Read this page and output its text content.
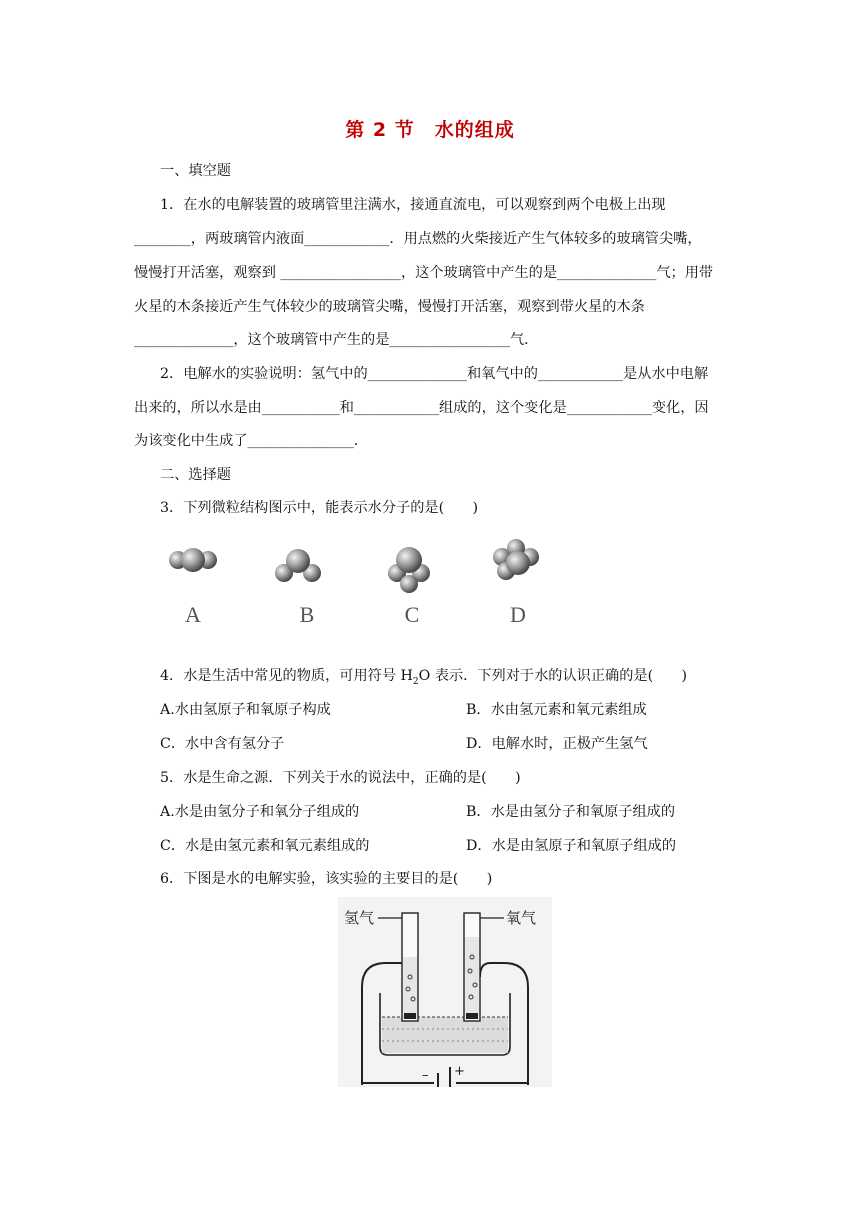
第 2 节　水的组成
一、填空题
1．在水的电解装置的玻璃管里注满水，接通直流电，可以观察到两个电极上出现
________，两玻璃管内液面____________．用点燃的火柴接近产生气体较多的玻璃管尖嘴，
慢慢打开活塞，观察到 _________________，这个玻璃管中产生的是______________气；用带
火星的木条接近产生气体较少的玻璃管尖嘴，慢慢打开活塞，观察到带火星的木条
______________，这个玻璃管中产生的是_________________气．
2．电解水的实验说明：氢气中的______________和氧气中的____________是从水中电解
出来的，所以水是由___________和____________组成的，这个变化是____________变化，因
为该变化中生成了_______________．
二、选择题
3．下列微粒结构图示中，能表示水分子的是(　　)
A	B	C	D
4．水是生活中常见的物质，可用符号 $H_2O$ 表示．下列对于水的认识正确的是(　　)
A.水由氢原子和氧原子构成	B．水由氢元素和氧元素组成
C．水中含有氢分子	D．电解水时，正极产生氢气
5．水是生命之源．下列关于水的说法中，正确的是(　　)
A.水是由氢分子和氧分子组成的	B．水是由氢分子和氧原子组成的
C．水是由氢元素和氧元素组成的	D．水是由氢原子和氧原子组成的
6．下图是水的电解实验，该实验的主要目的是(　　)
氢气	氧气
– +
